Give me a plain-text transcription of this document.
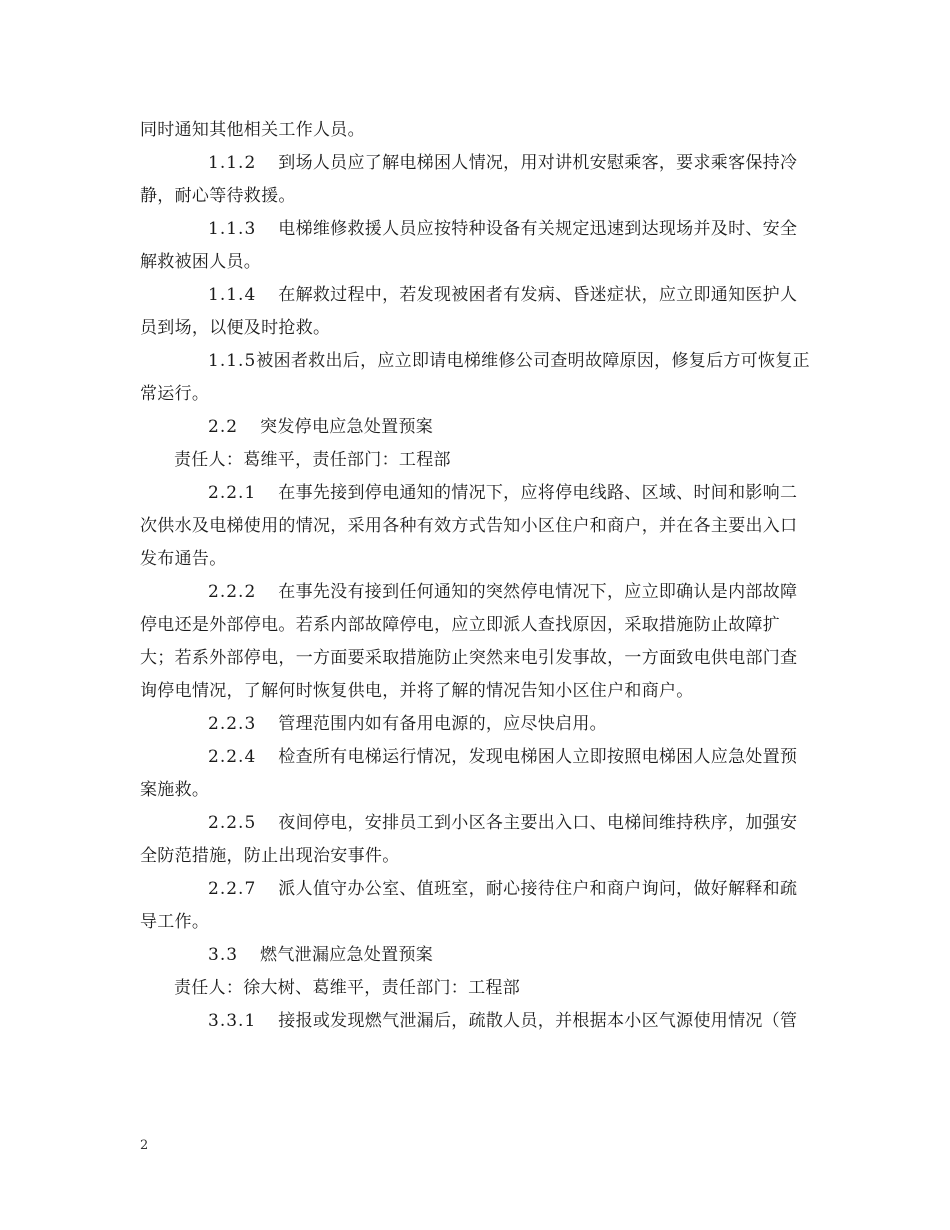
同时通知其他相关工作人员。

1.1.2 到场人员应了解电梯困人情况，用对讲机安慰乘客，要求乘客保持冷静，耐心等待救援。

1.1.3 电梯维修救援人员应按特种设备有关规定迅速到达现场并及时、安全解救被困人员。

1.1.4 在解救过程中，若发现被困者有发病、昏迷症状，应立即通知医护人员到场，以便及时抢救。

1.1.5被困者救出后，应立即请电梯维修公司查明故障原因，修复后方可恢复正常运行。

2.2 突发停电应急处置预案

责任人：葛维平，责任部门：工程部

2.2.1 在事先接到停电通知的情况下，应将停电线路、区域、时间和影响二次供水及电梯使用的情况，采用各种有效方式告知小区住户和商户，并在各主要出入口发布通告。

2.2.2 在事先没有接到任何通知的突然停电情况下，应立即确认是内部故障停电还是外部停电。若系内部故障停电，应立即派人查找原因，采取措施防止故障扩大；若系外部停电，一方面要采取措施防止突然来电引发事故，一方面致电供电部门查询停电情况，了解何时恢复供电，并将了解的情况告知小区住户和商户。

2.2.3 管理范围内如有备用电源的，应尽快启用。

2.2.4 检查所有电梯运行情况，发现电梯困人立即按照电梯困人应急处置预案施救。

2.2.5 夜间停电，安排员工到小区各主要出入口、电梯间维持秩序，加强安全防范措施，防止出现治安事件。

2.2.7 派人值守办公室、值班室，耐心接待住户和商户询问，做好解释和疏导工作。

3.3 燃气泄漏应急处置预案

责任人：徐大树、葛维平，责任部门：工程部

3.3.1 接报或发现燃气泄漏后，疏散人员，并根据本小区气源使用情况（管

2
